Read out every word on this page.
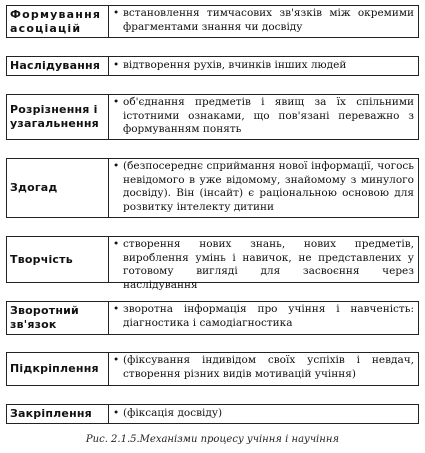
Формування асоціацій
• встановлення тимчасових зв'язків між окремими фрагментами знання чи досвіду
Наслідування	• відтворення рухів, вчинків інших людей
Розрізнення і узагальнення
• об'єднання предметів і явищ за їх спільними істотними ознаками, що пов'язані переважно з формуванням понять
Здогад
• (безпосереднє сприймання нової інформації, чогось невідомого в уже відомому, знайомому з минулого досвіду). Він (інсайт) є раціональною основою для розвитку інтелекту дитини
Творчість
• створення нових знань, нових предметів, вироблення умінь і навичок, не представлених у готовому вигляді для засвоєння через наслідування
Зворотний зв'язок
• зворотна інформація про учіння і навченість: діагностика і самодіагностика
Підкріплення
• (фіксування індивідом своїх успіхів і невдач, створення різних видів мотивацій учіння)
Закріплення	• (фіксація досвіду)
Рис. 2.1.5.Механізми процесу учіння і научіння
